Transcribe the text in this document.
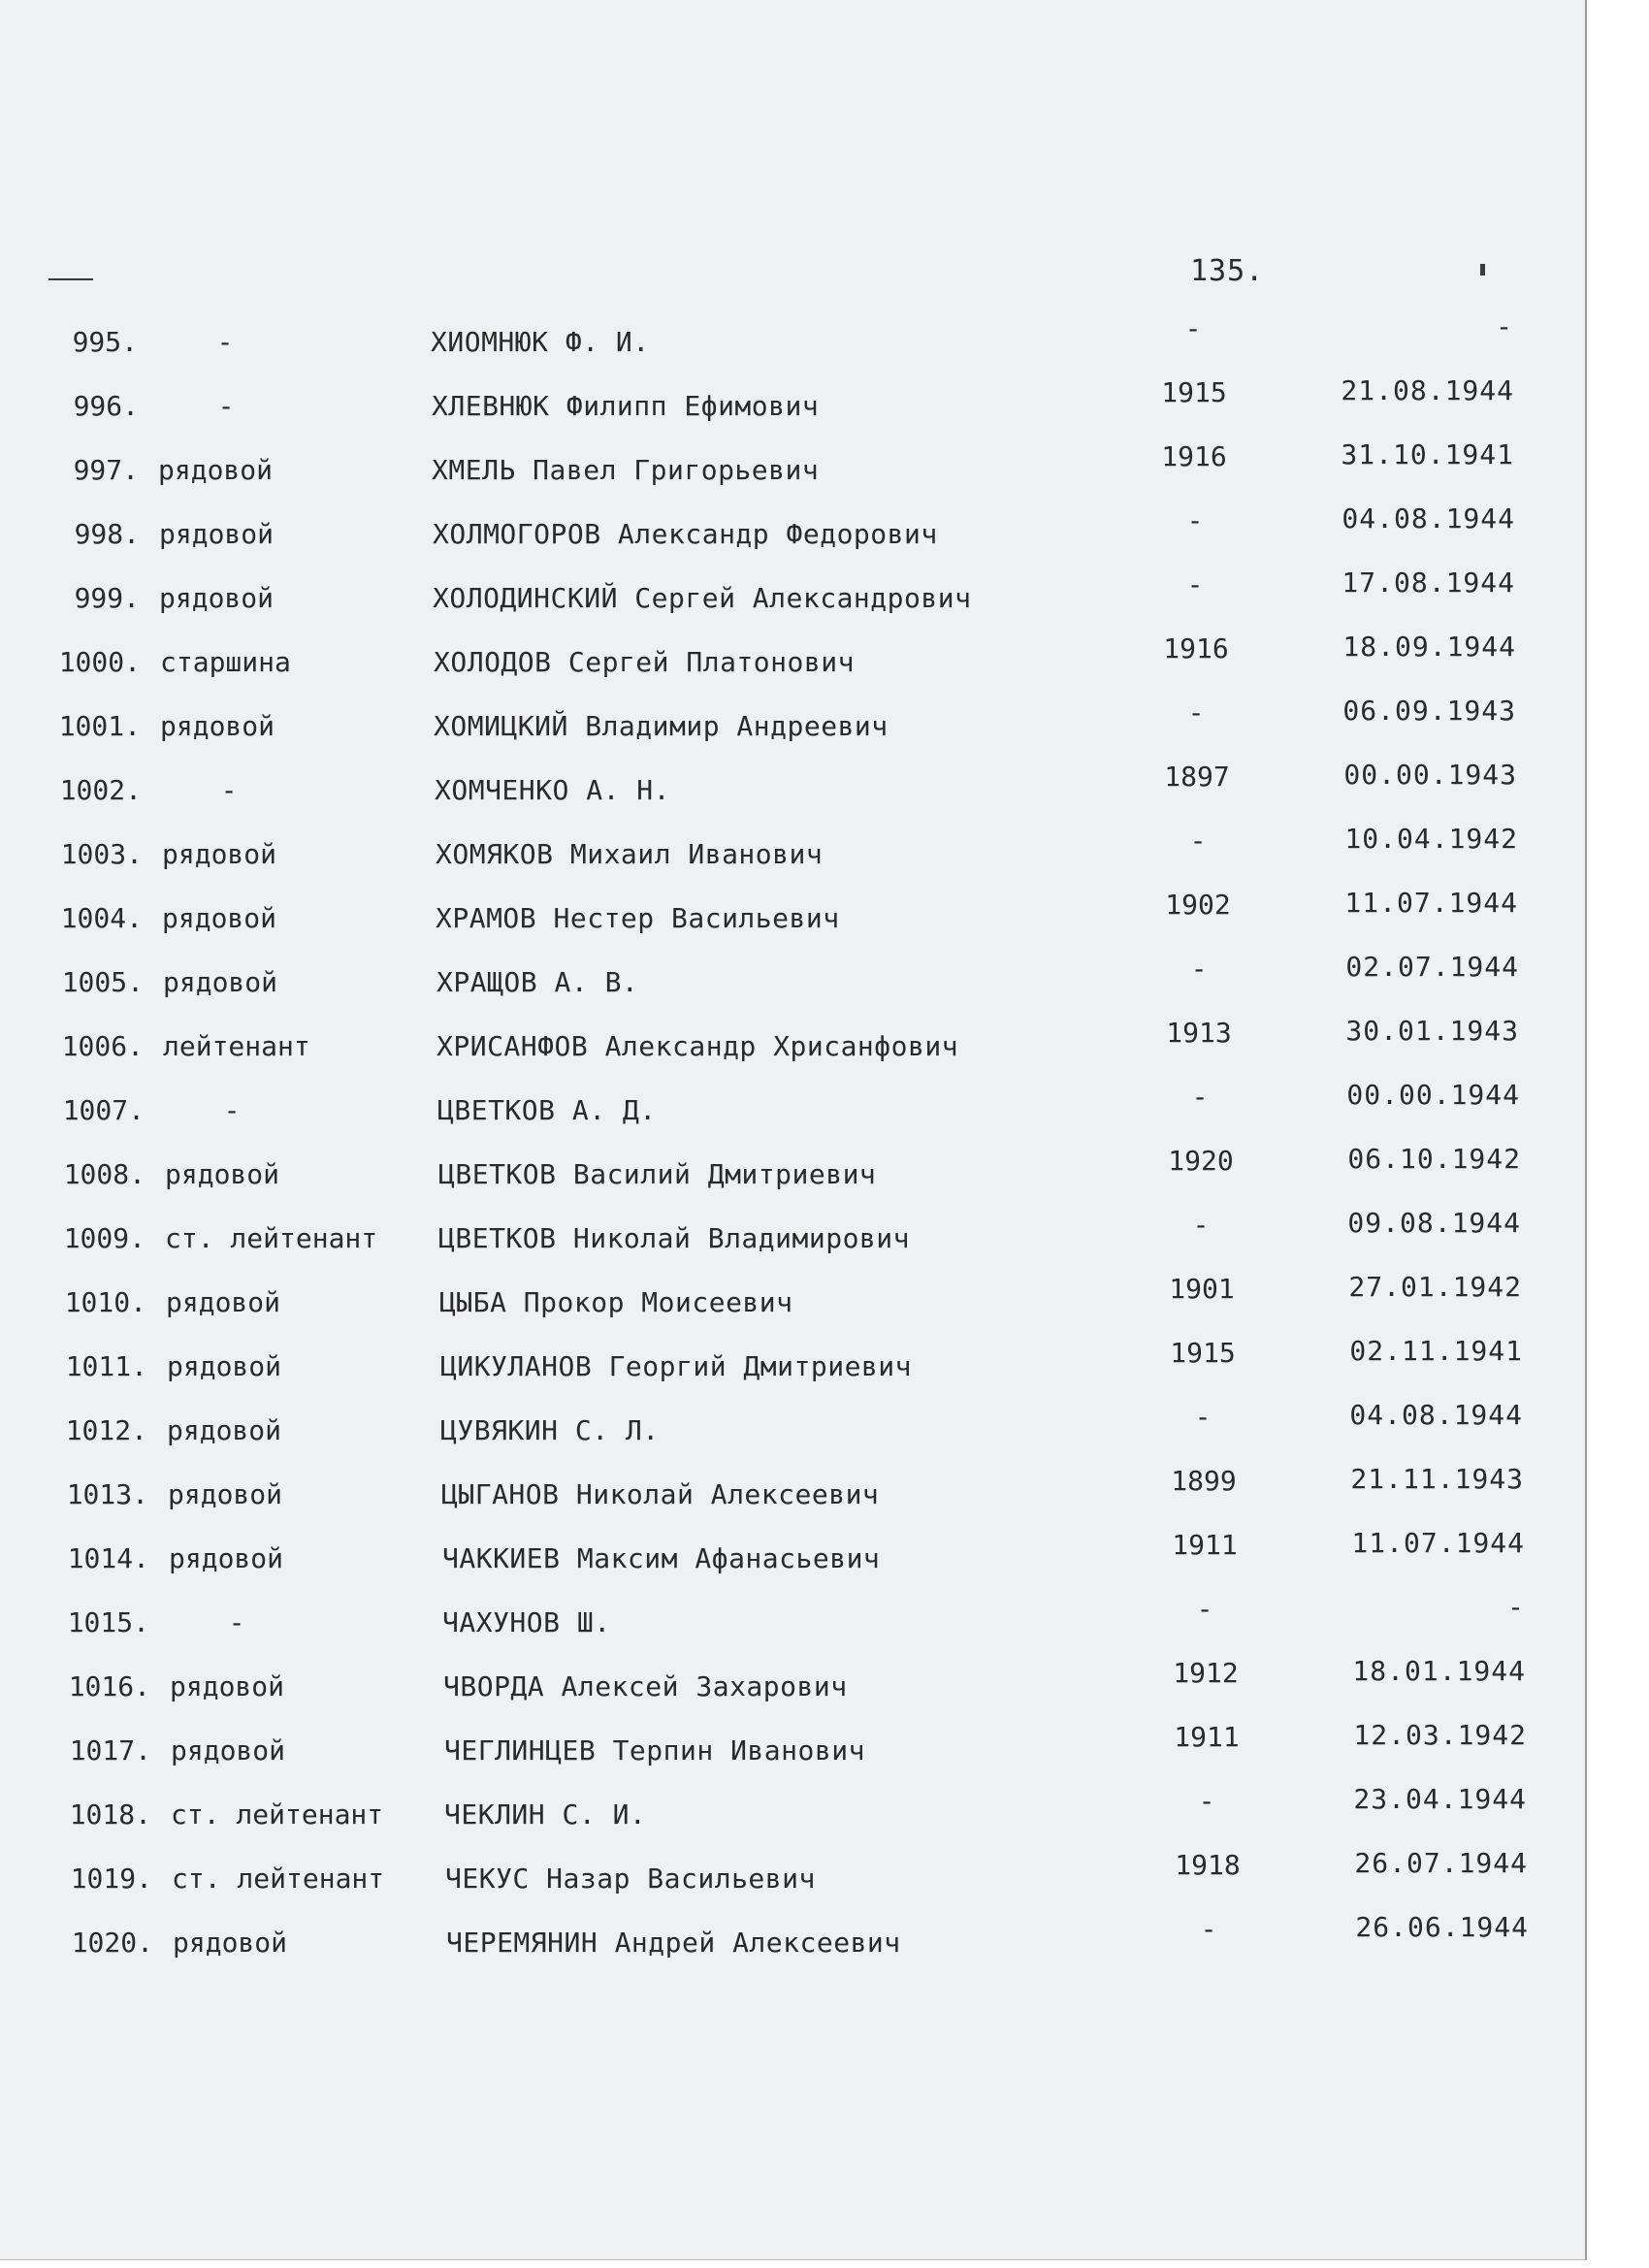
135.
995.	-	ХИОМНЮК Ф. И.	-	-
996.	-	ХЛЕВНЮК Филипп Ефимович	1915	21.08.1944
997. рядовой	ХМЕЛЬ Павел Григорьевич	1916	31.10.1941
998. рядовой	ХОЛМОГОРОВ Александр Федорович	-	04.08.1944
999. рядовой	ХОЛОДИНСКИЙ Сергей Александрович	-	17.08.1944
1000. старшина	ХОЛОДОВ Сергей Платонович	1916	18.09.1944
1001. рядовой	ХОМИЦКИЙ Владимир Андреевич	-	06.09.1943
1002.	-	ХОМЧЕНКО А. Н.	1897	00.00.1943
1003. рядовой	ХОМЯКОВ Михаил Иванович	-	10.04.1942
1004. рядовой	ХРАМОВ Нестер Васильевич	1902	11.07.1944
1005. рядовой	ХРАЩОВ А. В.	-	02.07.1944
1006. лейтенант	ХРИСАНФОВ Александр Хрисанфович	1913	30.01.1943
1007.	-	ЦВЕТКОВ А. Д.	-	00.00.1944
1008. рядовой	ЦВЕТКОВ Василий Дмитриевич	1920	06.10.1942
1009. ст. лейтенант	ЦВЕТКОВ Николай Владимирович	-	09.08.1944
1010. рядовой	ЦЫБА Прокор Моисеевич	1901	27.01.1942
1011. рядовой	ЦИКУЛАНОВ Георгий Дмитриевич	1915	02.11.1941
1012. рядовой	ЦУВЯКИН С. Л.	-	04.08.1944
1013. рядовой	ЦЫГАНОВ Николай Алексеевич	1899	21.11.1943
1014. рядовой	ЧАККИЕВ Максим Афанасьевич	1911	11.07.1944
1015.	-	ЧАХУНОВ Ш.	-	-
1016. рядовой	ЧВОРДА Алексей Захарович	1912	18.01.1944
1017. рядовой	ЧЕГЛИНЦЕВ Терпин Иванович	1911	12.03.1942
1018. ст. лейтенант	ЧЕКЛИН С. И.	-	23.04.1944
1019. ст. лейтенант	ЧЕКУС Назар Васильевич	1918	26.07.1944
1020. рядовой	ЧЕРЕМЯНИН Андрей Алексеевич	-	26.06.1944
